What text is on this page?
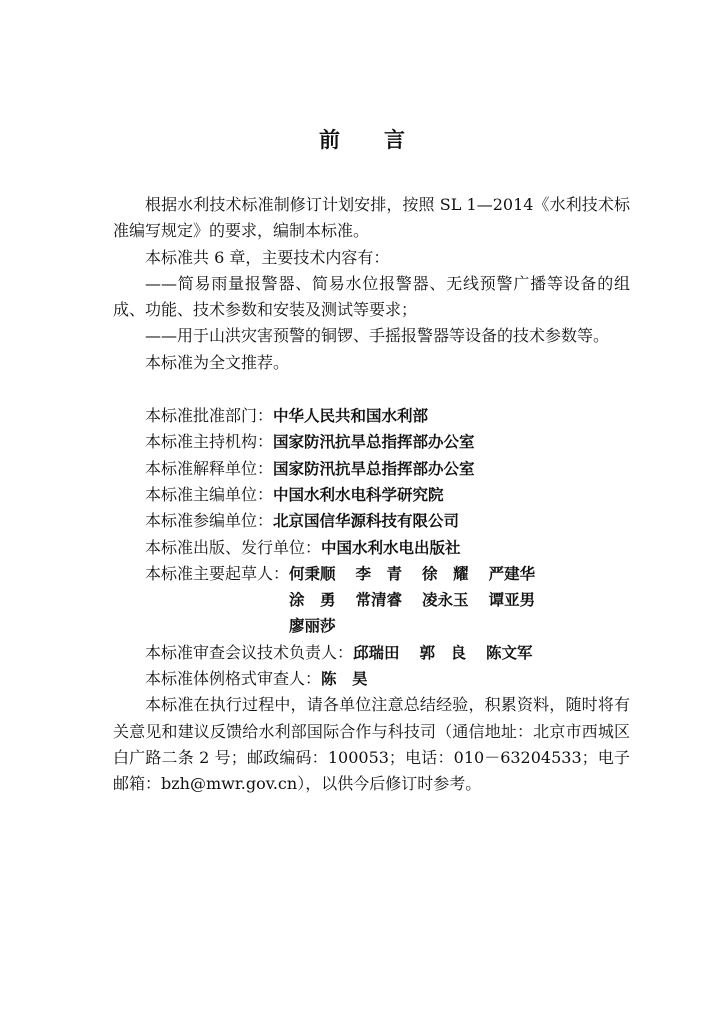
前 言

根据水利技术标准制修订计划安排，按照 SL 1—2014《水利技术标准编写规定》的要求，编制本标准。

本标准共 6 章，主要技术内容有：

——简易雨量报警器、简易水位报警器、无线预警广播等设备的组成、功能、技术参数和安装及测试等要求；

——用于山洪灾害预警的铜锣、手摇报警器等设备的技术参数等。

本标准为全文推荐。

本标准批准部门： 中华人民共和国水利部
本标准主持机构： 国家防汛抗旱总指挥部办公室
本标准解释单位： 国家防汛抗旱总指挥部办公室
本标准主编单位： 中国水利水电科学研究院
本标准参编单位： 北京国信华源科技有限公司
本标准出版、发行单位： 中国水利水电出版社
本标准主要起草人： 何秉顺 李　青 徐　耀 严建华
涂　勇 常清睿 凌永玉 谭亚男
廖丽莎
本标准审查会议技术负责人： 邱瑞田 郭　良 陈文军
本标准体例格式审查人： 陈　昊

本标准在执行过程中，请各单位注意总结经验，积累资料，随时将有关意见和建议反馈给水利部国际合作与科技司（通信地址：北京市西城区白广路二条 2 号；邮政编码：100053；电话：010－63204533；电子邮箱：bzh@mwr.gov.cn），以供今后修订时参考。
